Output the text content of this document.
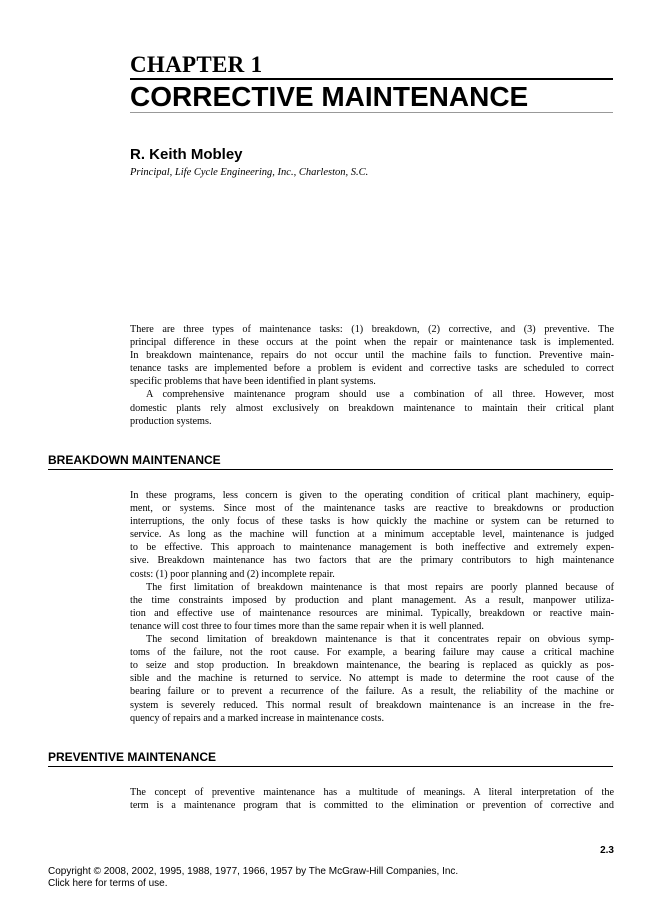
CHAPTER 1
CORRECTIVE MAINTENANCE
R. Keith Mobley
Principal, Life Cycle Engineering, Inc., Charleston, S.C.

There are three types of maintenance tasks: (1) breakdown, (2) corrective, and (3) preventive. The

principal difference in these occurs at the point when the repair or maintenance task is implemented.

In breakdown maintenance, repairs do not occur until the machine fails to function. Preventive main-

tenance tasks are implemented before a problem is evident and corrective tasks are scheduled to correct

specific problems that have been identified in plant systems.

A comprehensive maintenance program should use a combination of all three. However, most

domestic plants rely almost exclusively on breakdown maintenance to maintain their critical plant

production systems.

BREAKDOWN MAINTENANCE

In these programs, less concern is given to the operating condition of critical plant machinery, equip-

ment, or systems. Since most of the maintenance tasks are reactive to breakdowns or production

interruptions, the only focus of these tasks is how quickly the machine or system can be returned to

service. As long as the machine will function at a minimum acceptable level, maintenance is judged

to be effective. This approach to maintenance management is both ineffective and extremely expen-

sive. Breakdown maintenance has two factors that are the primary contributors to high maintenance

costs: (1) poor planning and (2) incomplete repair.

The first limitation of breakdown maintenance is that most repairs are poorly planned because of

the time constraints imposed by production and plant management. As a result, manpower utiliza-

tion and effective use of maintenance resources are minimal. Typically, breakdown or reactive main-

tenance will cost three to four times more than the same repair when it is well planned.

The second limitation of breakdown maintenance is that it concentrates repair on obvious symp-

toms of the failure, not the root cause. For example, a bearing failure may cause a critical machine

to seize and stop production. In breakdown maintenance, the bearing is replaced as quickly as pos-

sible and the machine is returned to service. No attempt is made to determine the root cause of the

bearing failure or to prevent a recurrence of the failure. As a result, the reliability of the machine or

system is severely reduced. This normal result of breakdown maintenance is an increase in the fre-

quency of repairs and a marked increase in maintenance costs.

PREVENTIVE MAINTENANCE

The concept of preventive maintenance has a multitude of meanings. A literal interpretation of the

term is a maintenance program that is committed to the elimination or prevention of corrective and

2.3
Copyright © 2008, 2002, 1995, 1988, 1977, 1966, 1957 by The McGraw-Hill Companies, Inc.
Click here for terms of use.
